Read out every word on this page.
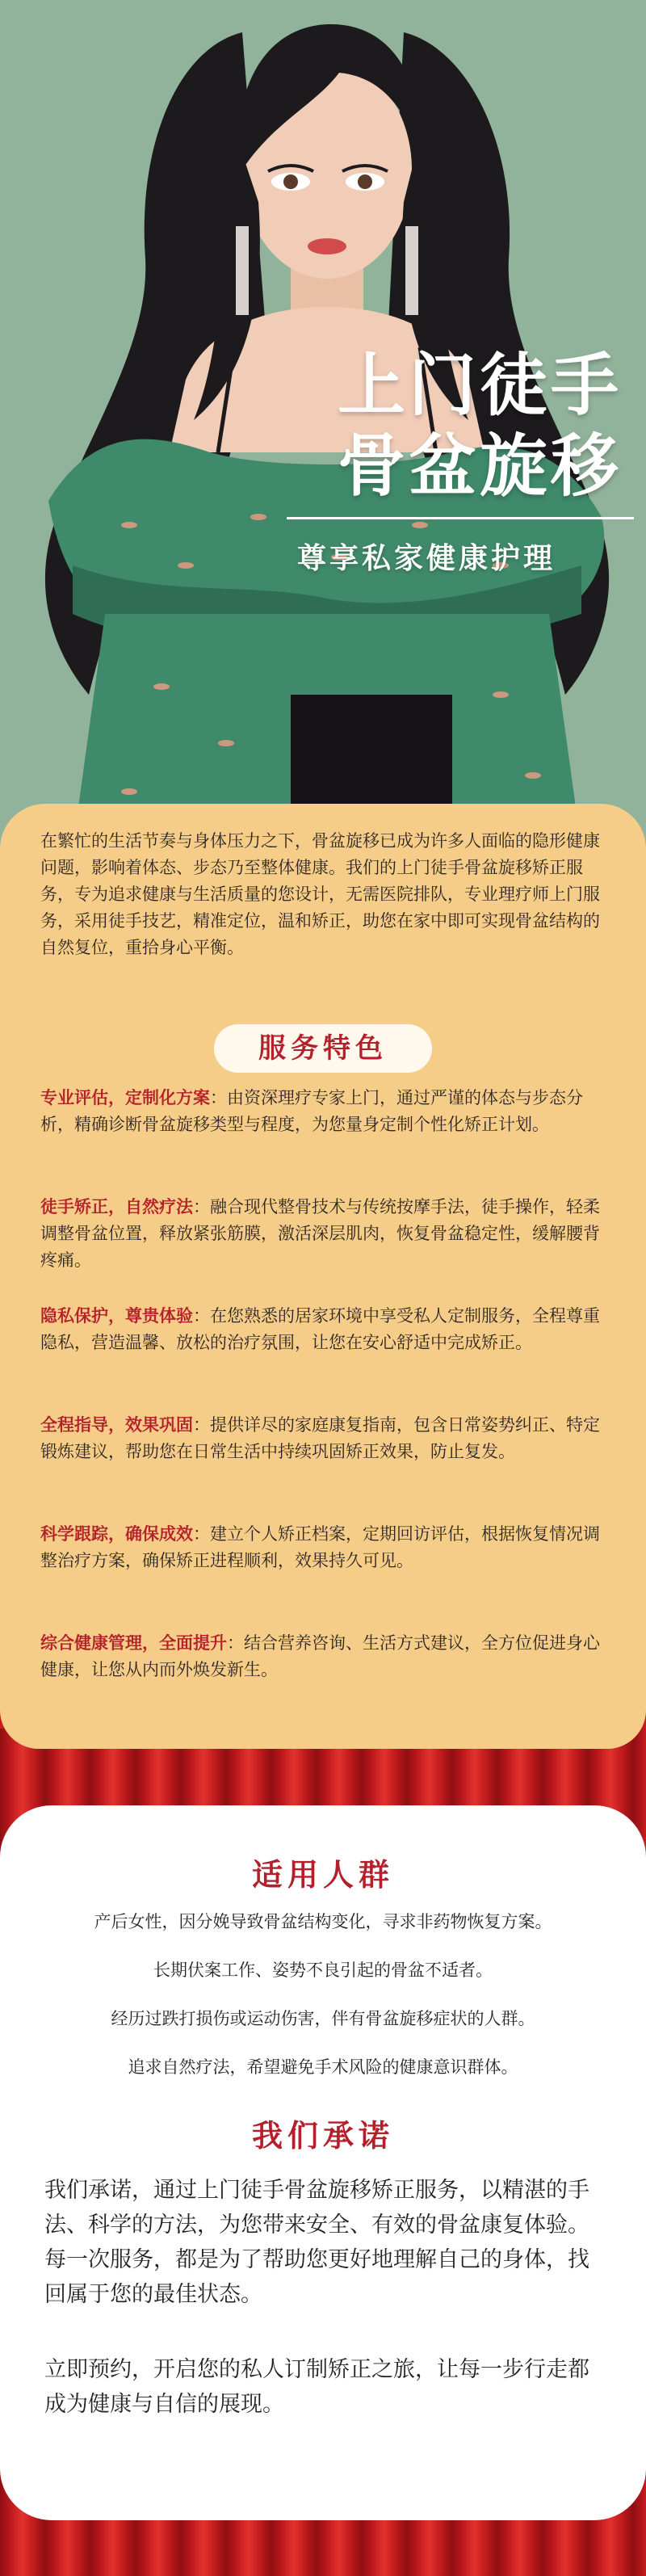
上门徒手
骨盆旋移
尊享私家健康护理

在繁忙的生活节奏与身体压力之下，骨盆旋移已成为许多人面临的隐形健康问题，影响着体态、步态乃至整体健康。我们的上门徒手骨盆旋移矫正服务，专为追求健康与生活质量的您设计，无需医院排队，专业理疗师上门服务，采用徒手技艺，精准定位，温和矫正，助您在家中即可实现骨盆结构的自然复位，重拾身心平衡。

服务特色
专业评估，定制化方案：由资深理疗专家上门，通过严谨的体态与步态分析，精确诊断骨盆旋移类型与程度，为您量身定制个性化矫正计划。
徒手矫正，自然疗法：融合现代整骨技术与传统按摩手法，徒手操作，轻柔调整骨盆位置，释放紧张筋膜，激活深层肌肉，恢复骨盆稳定性，缓解腰背疼痛。
隐私保护，尊贵体验：在您熟悉的居家环境中享受私人定制服务，全程尊重隐私，营造温馨、放松的治疗氛围，让您在安心舒适中完成矫正。
全程指导，效果巩固：提供详尽的家庭康复指南，包含日常姿势纠正、特定锻炼建议，帮助您在日常生活中持续巩固矫正效果，防止复发。
科学跟踪，确保成效：建立个人矫正档案，定期回访评估，根据恢复情况调整治疗方案，确保矫正进程顺利，效果持久可见。
综合健康管理，全面提升：结合营养咨询、生活方式建议，全方位促进身心健康，让您从内而外焕发新生。
适用人群
产后女性，因分娩导致骨盆结构变化，寻求非药物恢复方案。
长期伏案工作、姿势不良引起的骨盆不适者。
经历过跌打损伤或运动伤害，伴有骨盆旋移症状的人群。
追求自然疗法，希望避免手术风险的健康意识群体。
我们承诺
我们承诺，通过上门徒手骨盆旋移矫正服务，以精湛的手法、科学的方法，为您带来安全、有效的骨盆康复体验。每一次服务，都是为了帮助您更好地理解自己的身体，找回属于您的最佳状态。
立即预约，开启您的私人订制矫正之旅，让每一步行走都成为健康与自信的展现。
